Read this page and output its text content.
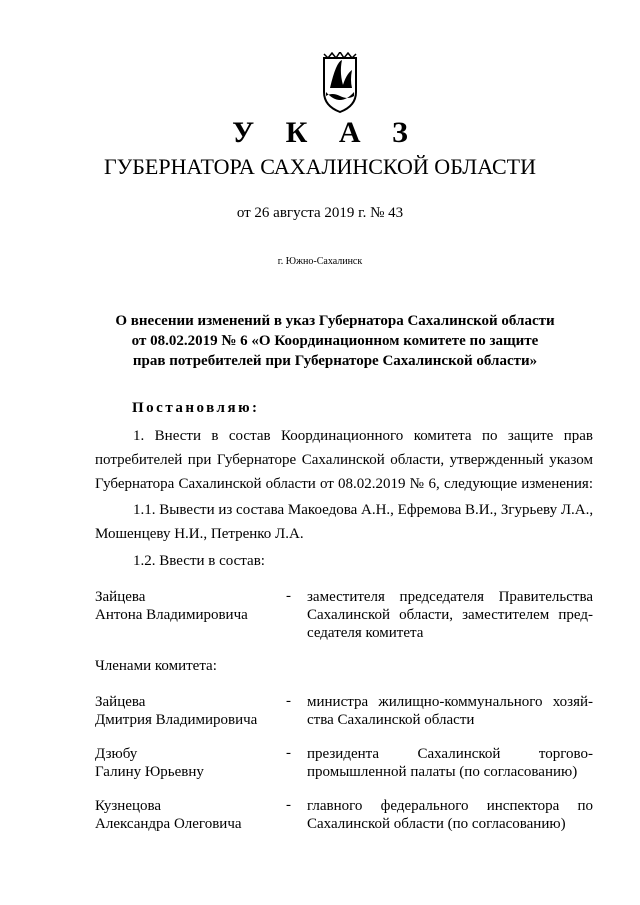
У К А З
ГУБЕРНАТОРА САХАЛИНСКОЙ ОБЛАСТИ
от 26 августа 2019 г. № 43
г. Южно-Сахалинск
О внесении изменений в указ Губернатора Сахалинской области
от 08.02.2019 № 6 «О Координационном комитете по защите
прав потребителей при Губернаторе Сахалинской области»
Постановляю:
1. Внести в состав Координационного комитета по защите прав
потребителей при Губернаторе Сахалинской области, утвержденный указом
Губернатора Сахалинской области от 08.02.2019 № 6, следующие изменения:
1.1. Вывести из состава Макоедова А.Н., Ефремова В.И., Згурьеву Л.А.,
Мошенцеву Н.И., Петренко Л.А.
1.2. Ввести в состав:
Зайцева
Антона Владимировича
- заместителя председателя Правительства
Сахалинской области, заместителем пред-
седателя комитета
Членами комитета:
Зайцева
Дмитрия Владимировича
- министра жилищно-коммунального хозяй-
ства Сахалинской области
Дзюбу
Галину Юрьевну
- президента Сахалинской торгово-
промышленной палаты (по согласованию)
Кузнецова
Александра Олеговича
- главного федерального инспектора по
Сахалинской области (по согласованию)
